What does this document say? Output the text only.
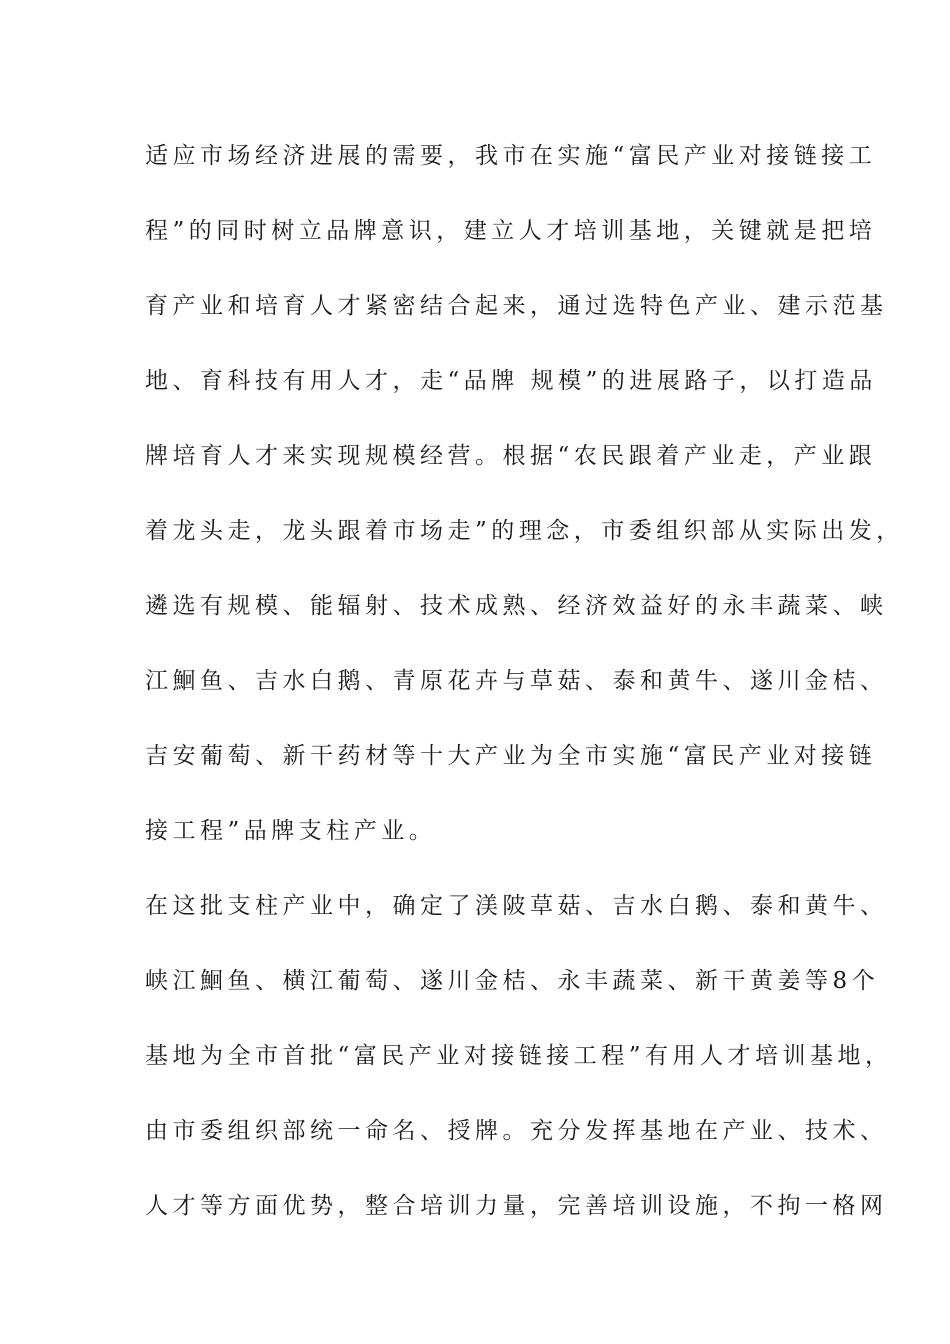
适应市场经济进展的需要，我市在实施“富民产业对接链接工
程”的同时树立品牌意识，建立人才培训基地，关键就是把培
育产业和培育人才紧密结合起来，通过选特色产业、建示范基
地、育科技有用人才，走“品牌 规模”的进展路子，以打造品
牌培育人才来实现规模经营。根据“农民跟着产业走，产业跟
着龙头走，龙头跟着市场走”的理念，市委组织部从实际出发，
遴选有规模、能辐射、技术成熟、经济效益好的永丰蔬菜、峡
江鮰鱼、吉水白鹅、青原花卉与草菇、泰和黄牛、遂川金桔、
吉安葡萄、新干药材等十大产业为全市实施“富民产业对接链
接工程”品牌支柱产业。
在这批支柱产业中，确定了渼陂草菇、吉水白鹅、泰和黄牛、
峡江鮰鱼、横江葡萄、遂川金桔、永丰蔬菜、新干黄姜等8个
基地为全市首批“富民产业对接链接工程”有用人才培训基地，
由市委组织部统一命名、授牌。充分发挥基地在产业、技术、
人才等方面优势，整合培训力量，完善培训设施，不拘一格网
